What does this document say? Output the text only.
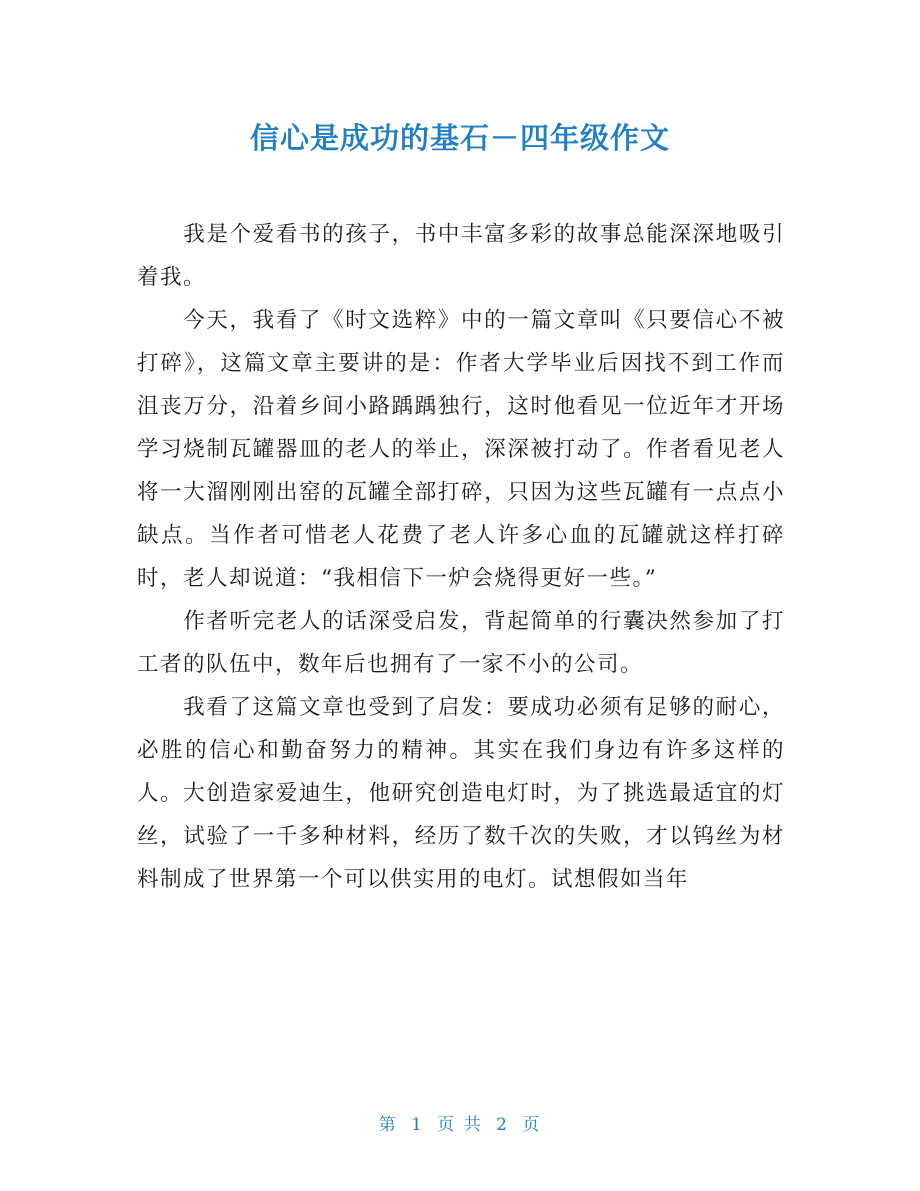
信心是成功的基石－四年级作文

我是个爱看书的孩子，书中丰富多彩的故事总能深深地吸引着我。

今天，我看了《时文选粹》中的一篇文章叫《只要信心不被打碎》，这篇文章主要讲的是：作者大学毕业后因找不到工作而沮丧万分，沿着乡间小路踽踽独行，这时他看见一位近年才开场学习烧制瓦罐器皿的老人的举止，深深被打动了。作者看见老人将一大溜刚刚出窑的瓦罐全部打碎，只因为这些瓦罐有一点点小缺点。当作者可惜老人花费了老人许多心血的瓦罐就这样打碎时，老人却说道：“我相信下一炉会烧得更好一些。”

作者听完老人的话深受启发，背起简单的行囊决然参加了打工者的队伍中，数年后也拥有了一家不小的公司。

我看了这篇文章也受到了启发：要成功必须有足够的耐心，必胜的信心和勤奋努力的精神。其实在我们身边有许多这样的人。大创造家爱迪生，他研究创造电灯时，为了挑选最适宜的灯丝，试验了一千多种材料，经历了数千次的失败，才以钨丝为材料制成了世界第一个可以供实用的电灯。试想假如当年

第 1 页 共 2 页
